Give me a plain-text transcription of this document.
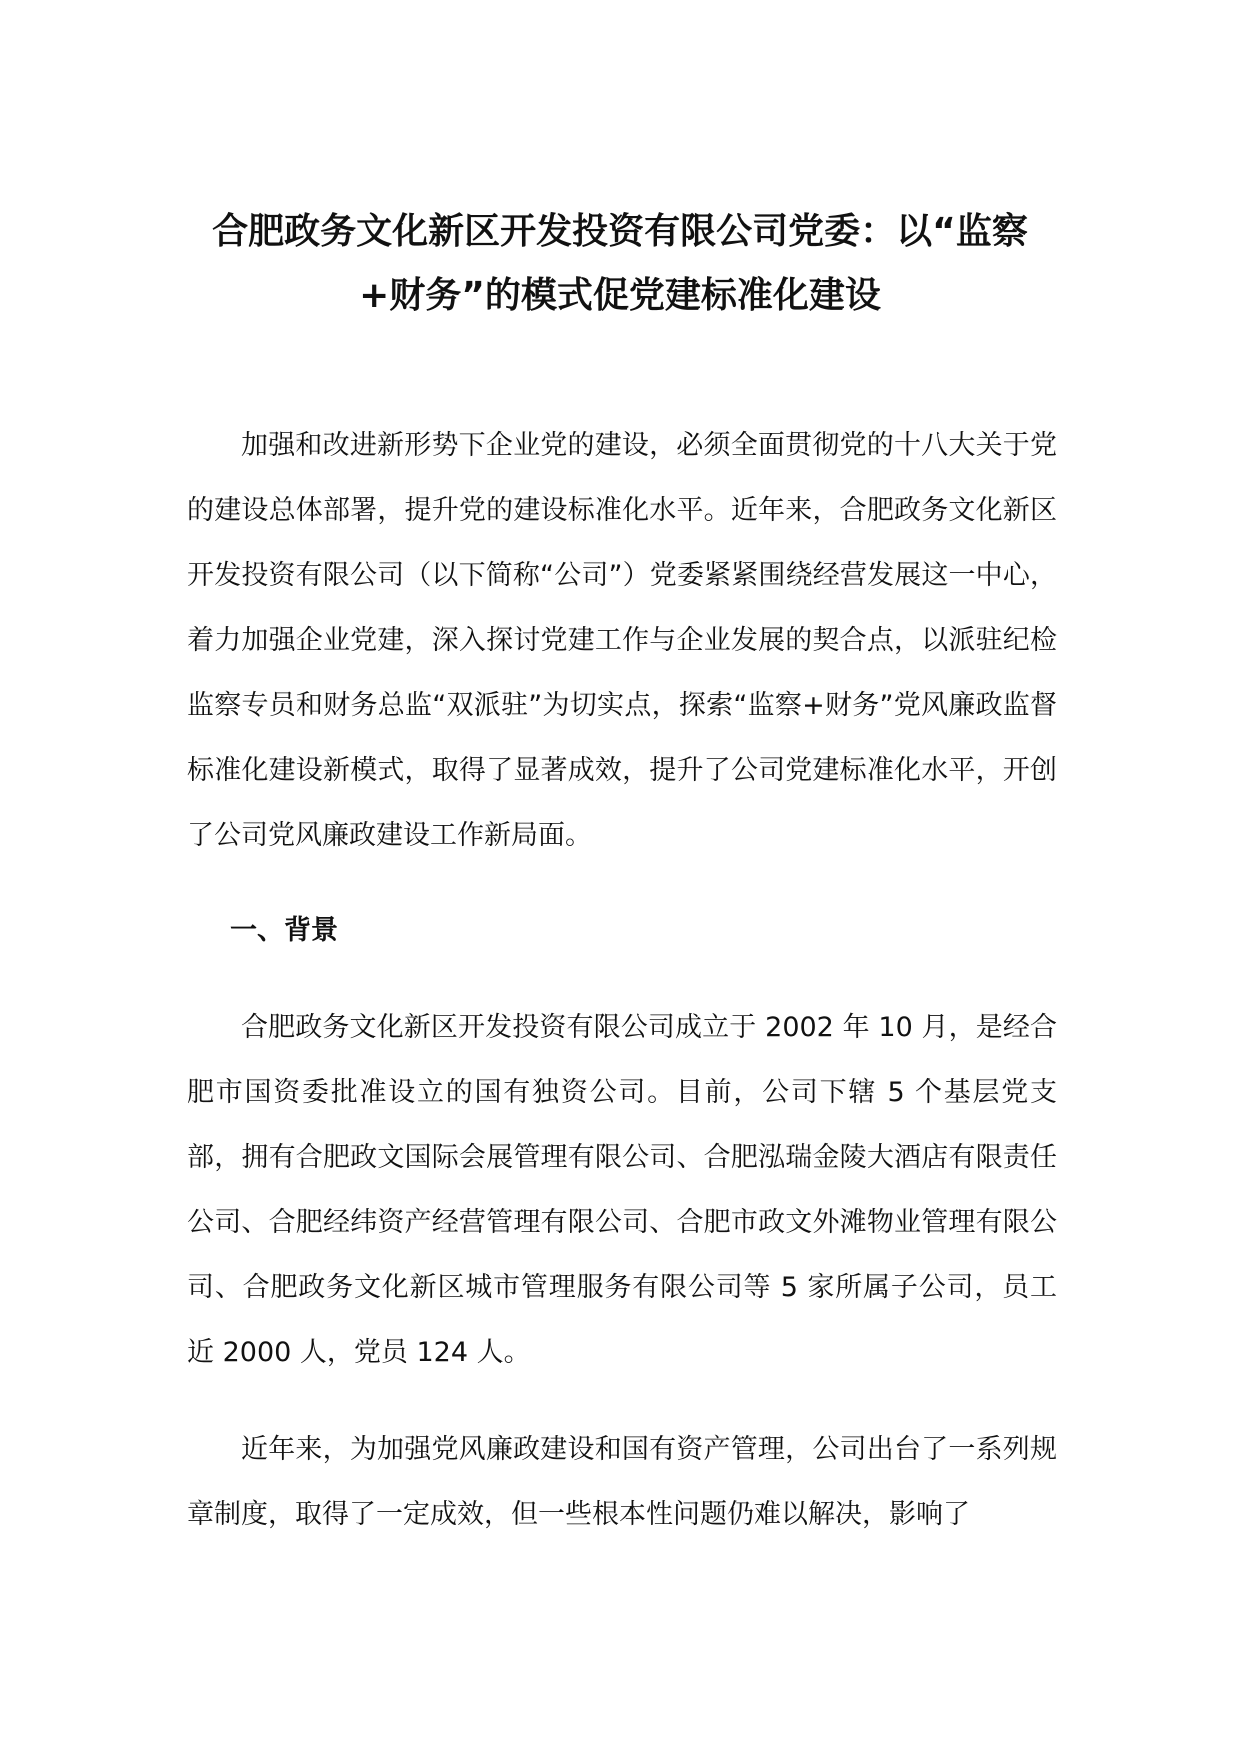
合肥政务文化新区开发投资有限公司党委：以“监察+财务”的模式促党建标准化建设

加强和改进新形势下企业党的建设，必须全面贯彻党的十八大关于党的建设总体部署，提升党的建设标准化水平。近年来，合肥政务文化新区开发投资有限公司（以下简称“公司”）党委紧紧围绕经营发展这一中心，着力加强企业党建，深入探讨党建工作与企业发展的契合点，以派驻纪检监察专员和财务总监“双派驻”为切实点，探索“监察+财务”党风廉政监督标准化建设新模式，取得了显著成效，提升了公司党建标准化水平，开创了公司党风廉政建设工作新局面。

一、背景

合肥政务文化新区开发投资有限公司成立于 2002 年 10 月，是经合肥市国资委批准设立的国有独资公司。目前，公司下辖 5 个基层党支部，拥有合肥政文国际会展管理有限公司、合肥泓瑞金陵大酒店有限责任公司、合肥经纬资产经营管理有限公司、合肥市政文外滩物业管理有限公司、合肥政务文化新区城市管理服务有限公司等 5 家所属子公司，员工近 2000 人，党员 124 人。

近年来，为加强党风廉政建设和国有资产管理，公司出台了一系列规章制度，取得了一定成效，但一些根本性问题仍难以解决，影响了
